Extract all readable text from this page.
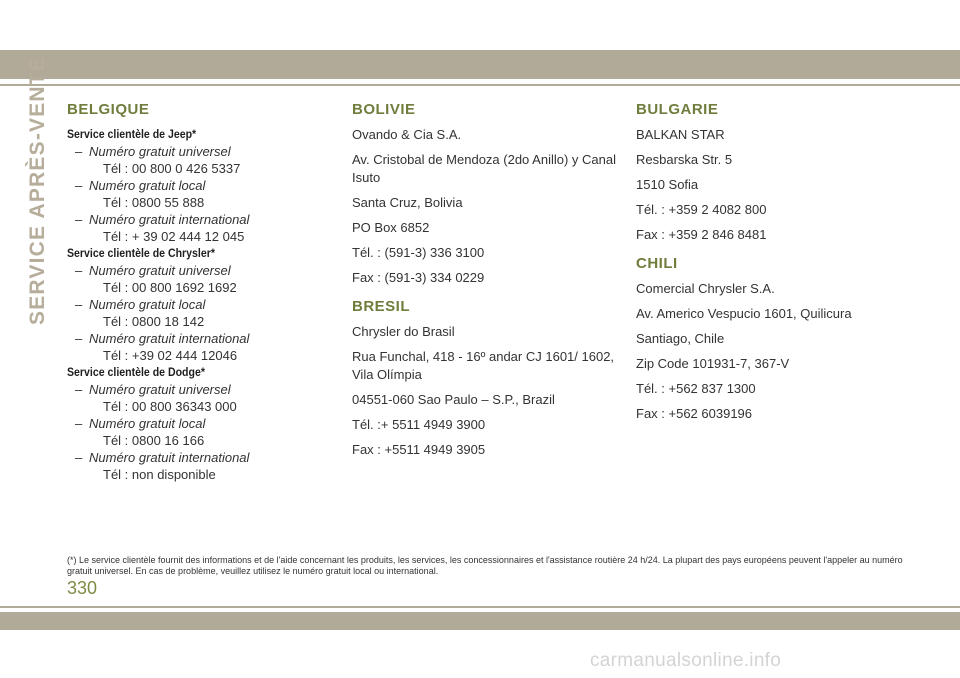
SERVICE APRÈS-VENTE BELGIQUE
Service clientèle de Jeep*
– Numéro gratuit universel
Tél : 00 800 0 426 5337
– Numéro gratuit local
Tél : 0800 55 888
– Numéro gratuit international
Tél : + 39 02 444 12 045
Service clientèle de Chrysler*
– Numéro gratuit universel
Tél : 00 800 1692 1692
– Numéro gratuit local
Tél : 0800 18 142
– Numéro gratuit international
Tél : +39 02 444 12046
Service clientèle de Dodge*
– Numéro gratuit universel
Tél : 00 800 36343 000
– Numéro gratuit local
Tél : 0800 16 166
– Numéro gratuit international
Tél : non disponible
BOLIVIE

Ovando & Cia S.A.

Av. Cristobal de Mendoza (2do Anillo) y Canal Isuto

Santa Cruz, Bolivia

PO Box 6852

Tél. : (591-3) 336 3100

Fax : (591-3) 334 0229

BRESIL

Chrysler do Brasil

Rua Funchal, 418 - 16º andar CJ 1601/ 1602, Vila Olímpia

04551-060 Sao Paulo – S.P., Brazil

Tél. :+ 5511 4949 3900

Fax : +5511 4949 3905

BULGARIE

BALKAN STAR

Resbarska Str. 5

1510 Sofia

Tél. : +359 2 4082 800

Fax : +359 2 846 8481

CHILI

Comercial Chrysler S.A.

Av. Americo Vespucio 1601, Quilicura

Santiago, Chile

Zip Code 101931-7, 367-V

Tél. : +562 837 1300

Fax : +562 6039196

(*) Le service clientèle fournit des informations et de l'aide concernant les produits, les services, les concessionnaires et l'assistance routière 24 h/24. La plupart des pays européens peuvent l'appeler au numéro gratuit universel. En cas de problème, veuillez utilisez le numéro gratuit local ou international.
330
carmanualsonline.info
